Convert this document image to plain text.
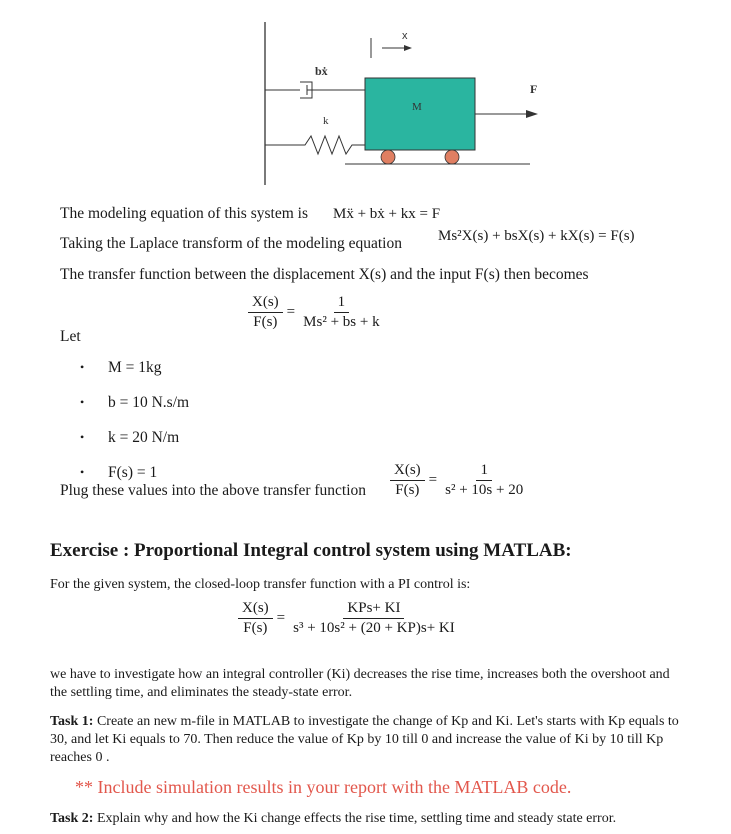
x
bẋ
k
M
F
The modeling equation of this system is Mẍ + bẋ + kx = F
Taking the Laplace transform of the modeling equation Ms²X(s) + bsX(s) + kX(s) = F(s)
The transfer function between the displacement X(s) and the input F(s) then becomes
$\frac{X(s)}{F(s)} = \frac{1}{\text{Ms² + bs + k}}$
Let
•	M = 1kg
•	b = 10 N.s/m
•	k = 20 N/m
•	F(s) = 1
Plug these values into the above transfer function $\frac{X(s)}{F(s)} = \frac{1}{\text{s² + 10s + 20}}$
Exercise : Proportional Integral control system using MATLAB:
For the given system, the closed-loop transfer function with a PI control is:
$\frac{X(s)}{F(s)} = \frac{\text{KPs+ KI}}{\text{s³ + 10s² + (20 + KP)s+ KI}}$
we have to investigate how an integral controller (Ki) decreases the rise time, increases both the overshoot and the settling time, and eliminates the steady-state error.
Task 1: Create an new m-file in MATLAB to investigate the change of Kp and Ki. Let's starts with Kp equals to 30, and let Ki equals to 70. Then reduce the value of Kp by 10 till 0 and increase the value of Ki by 10 till Kp reaches 0 .
** Include simulation results in your report with the MATLAB code.
Task 2: Explain why and how the Ki change effects the rise time, settling time and steady state error.
